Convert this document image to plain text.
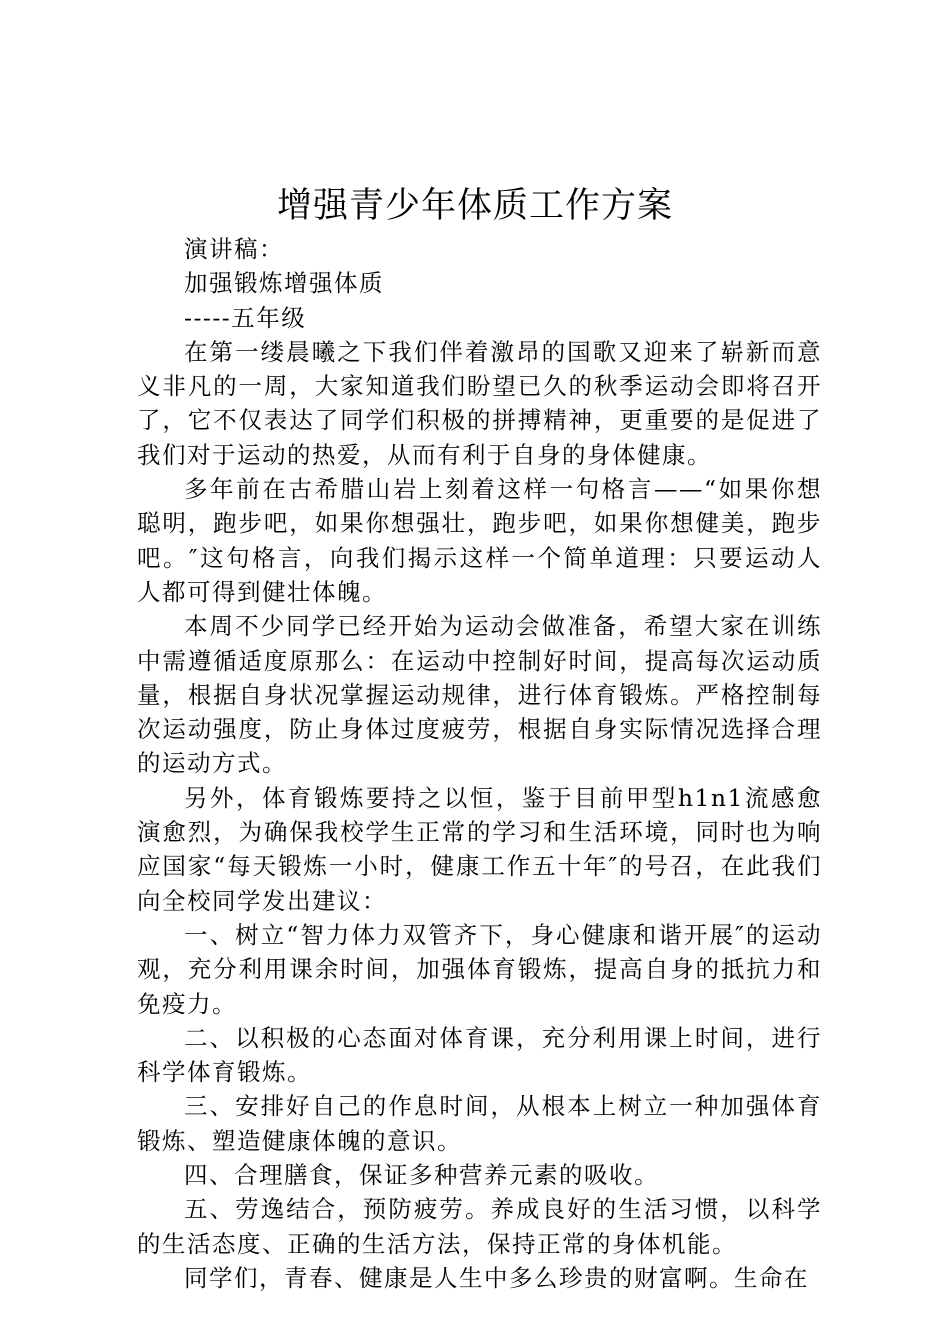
增强青少年体质工作方案

演讲稿：

加强锻炼增强体质

-----五年级

在第一缕晨曦之下我们伴着激昂的国歌又迎来了崭新而意义非凡的一周，大家知道我们盼望已久的秋季运动会即将召开了，它不仅表达了同学们积极的拼搏精神，更重要的是促进了我们对于运动的热爱，从而有利于自身的身体健康。

多年前在古希腊山岩上刻着这样一句格言——“如果你想聪明，跑步吧，如果你想强壮，跑步吧，如果你想健美，跑步吧。″这句格言，向我们揭示这样一个简单道理：只要运动人人都可得到健壮体魄。

本周不少同学已经开始为运动会做准备，希望大家在训练中需遵循适度原那么：在运动中控制好时间，提高每次运动质量，根据自身状况掌握运动规律，进行体育锻炼。严格控制每次运动强度，防止身体过度疲劳，根据自身实际情况选择合理的运动方式。

另外，体育锻炼要持之以恒，鉴于目前甲型h1n1流感愈演愈烈，为确保我校学生正常的学习和生活环境，同时也为响应国家“每天锻炼一小时，健康工作五十年″的号召，在此我们向全校同学发出建议：

一、树立“智力体力双管齐下，身心健康和谐开展″的运动观，充分利用课余时间，加强体育锻炼，提高自身的抵抗力和免疫力。

二、以积极的心态面对体育课，充分利用课上时间，进行科学体育锻炼。

三、安排好自己的作息时间，从根本上树立一种加强体育锻炼、塑造健康体魄的意识。

四、合理膳食，保证多种营养元素的吸收。

五、劳逸结合，预防疲劳。养成良好的生活习惯，以科学的生活态度、正确的生活方法，保持正常的身体机能。

同学们，青春、健康是人生中多么珍贵的财富啊。生命在
